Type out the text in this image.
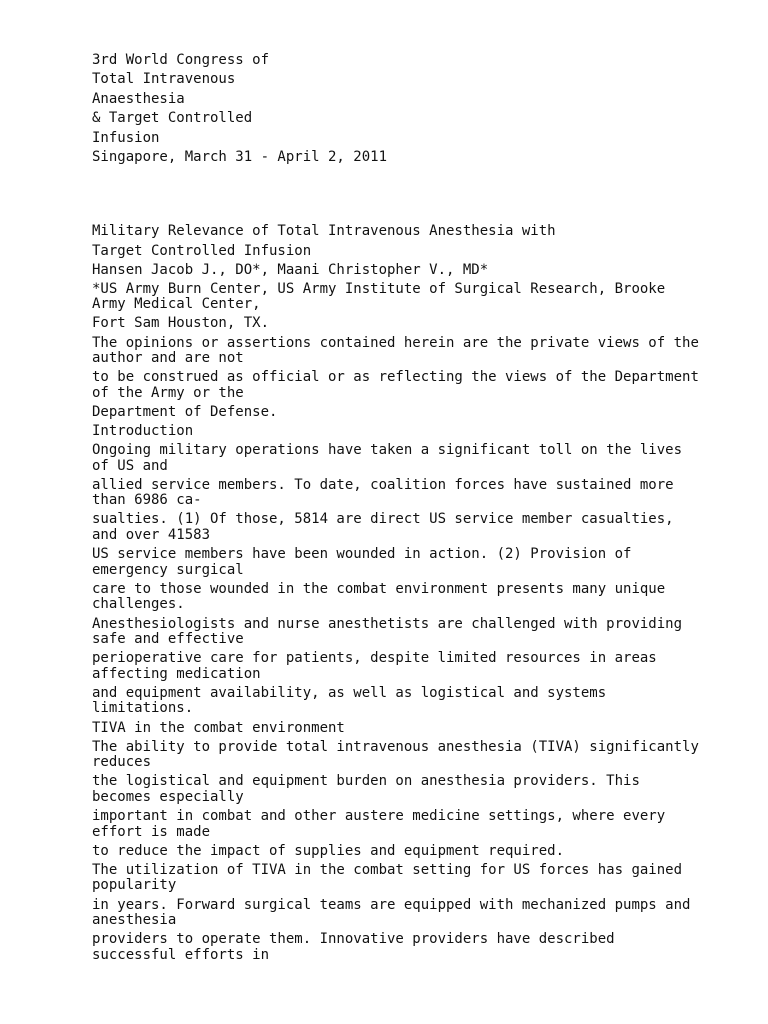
3rd World Congress of
Total Intravenous
Anaesthesia
& Target Controlled
Infusion
Singapore, March 31 - April 2, 2011
Military Relevance of Total Intravenous Anesthesia with
Target Controlled Infusion
Hansen Jacob J., DO*, Maani Christopher V., MD*
*US Army Burn Center, US Army Institute of Surgical Research, Brooke
Army Medical Center,
Fort Sam Houston, TX.
The opinions or assertions contained herein are the private views of the
author and are not
to be construed as official or as reflecting the views of the Department
of the Army or the
Department of Defense.
Introduction
Ongoing military operations have taken a significant toll on the lives
of US and
allied service members. To date, coalition forces have sustained more
than 6986 ca-
sualties. (1) Of those, 5814 are direct US service member casualties,
and over 41583
US service members have been wounded in action. (2) Provision of
emergency surgical
care to those wounded in the combat environment presents many unique
challenges.
Anesthesiologists and nurse anesthetists are challenged with providing
safe and effective
perioperative care for patients, despite limited resources in areas
affecting medication
and equipment availability, as well as logistical and systems
limitations.
TIVA in the combat environment
The ability to provide total intravenous anesthesia (TIVA) significantly
reduces
the logistical and equipment burden on anesthesia providers. This
becomes especially
important in combat and other austere medicine settings, where every
effort is made
to reduce the impact of supplies and equipment required.
The utilization of TIVA in the combat setting for US forces has gained
popularity
in years. Forward surgical teams are equipped with mechanized pumps and
anesthesia
providers to operate them. Innovative providers have described
successful efforts in
